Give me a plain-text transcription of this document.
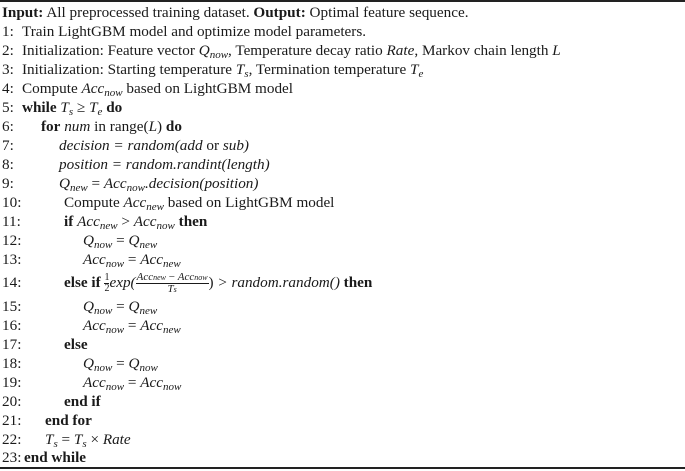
Input: All preprocessed training dataset. Output: Optimal feature sequence.
1: Train LightGBM model and optimize model parameters.
2: Initialization: Feature vector $Q_{now}$, Temperature decay ratio Rate, Markov chain length L
3: Initialization: Starting temperature $T_s$, Termination temperature $T_e$
4: Compute Acc$_{now}$ based on LightGBM model
5: while $T_s \ge T_e$ do
6: for num in range(L) do
7:	decision = random(add or sub)
8:	position = random.randint(length)
9:	$Q_{new}$ = Acc$_{now}$.decision(position)
10:	Compute Acc$_{new}$ based on LightGBM model
11:	if Acc$_{new}$ > Acc$_{now}$ then
12:	$Q_{now} = Q_{new}$
13:	Acc$_{now}$ = Acc$_{new}$
14:	else if $\frac{1}{2}\exp( \frac{\text{Accnew − Accnow}}{Ts}$ ) > random.random() then
15:	$Q_{now} = Q_{new}$
16:	Acc$_{now}$ = Acc$_{new}$
17:	else
18:	$Q_{now} = Q_{now}$
19:	Acc$_{now}$ = Acc$_{now}$
20:	end if
21: end for
22: $T_s = T_s$ × Rate
23: end while
